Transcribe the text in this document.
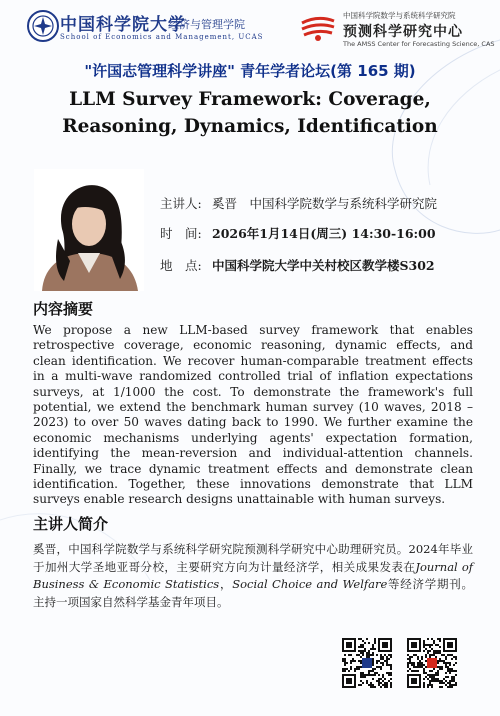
中国科学院大学
经济与管理学院
School of Economics and Management, UCAS
中国科学院数学与系统科学研究院
预测科学研究中心
The AMSS Center for Forecasting Science, CAS
"许国志管理科学讲座" 青年学者论坛(第 165 期)
LLM Survey Framework: Coverage,
Reasoning, Dynamics, Identification
主讲人: 奚晋　中国科学院数学与系统科学研究院
时　间: 2026年1月14日(周三) 14:30-16:00
地　点: 中国科学院大学中关村校区教学楼S302
内容摘要
We propose a new LLM-based survey framework that enables retrospective coverage, economic reasoning, dynamic effects, and clean identification. We recover human-comparable treatment effects in a multi-wave randomized controlled trial of inflation expectations surveys, at 1/1000 the cost. To demonstrate the framework's full potential, we extend the benchmark human survey (10 waves, 2018 – 2023) to over 50 waves dating back to 1990. We further examine the economic mechanisms underlying agents' expectation formation, identifying the mean-reversion and individual-attention channels. Finally, we trace dynamic treatment effects and demonstrate clean identification. Together, these innovations demonstrate that LLM surveys enable research designs unattainable with human surveys.
主讲人简介
奚晋，中国科学院数学与系统科学研究院预测科学研究中心助理研究员。2024年毕业于加州大学圣地亚哥分校，主要研究方向为计量经济学，相关成果发表在Journal of Business & Economic Statistics，Social Choice and Welfare等经济学期刊。主持一项国家自然科学基金青年项目。
